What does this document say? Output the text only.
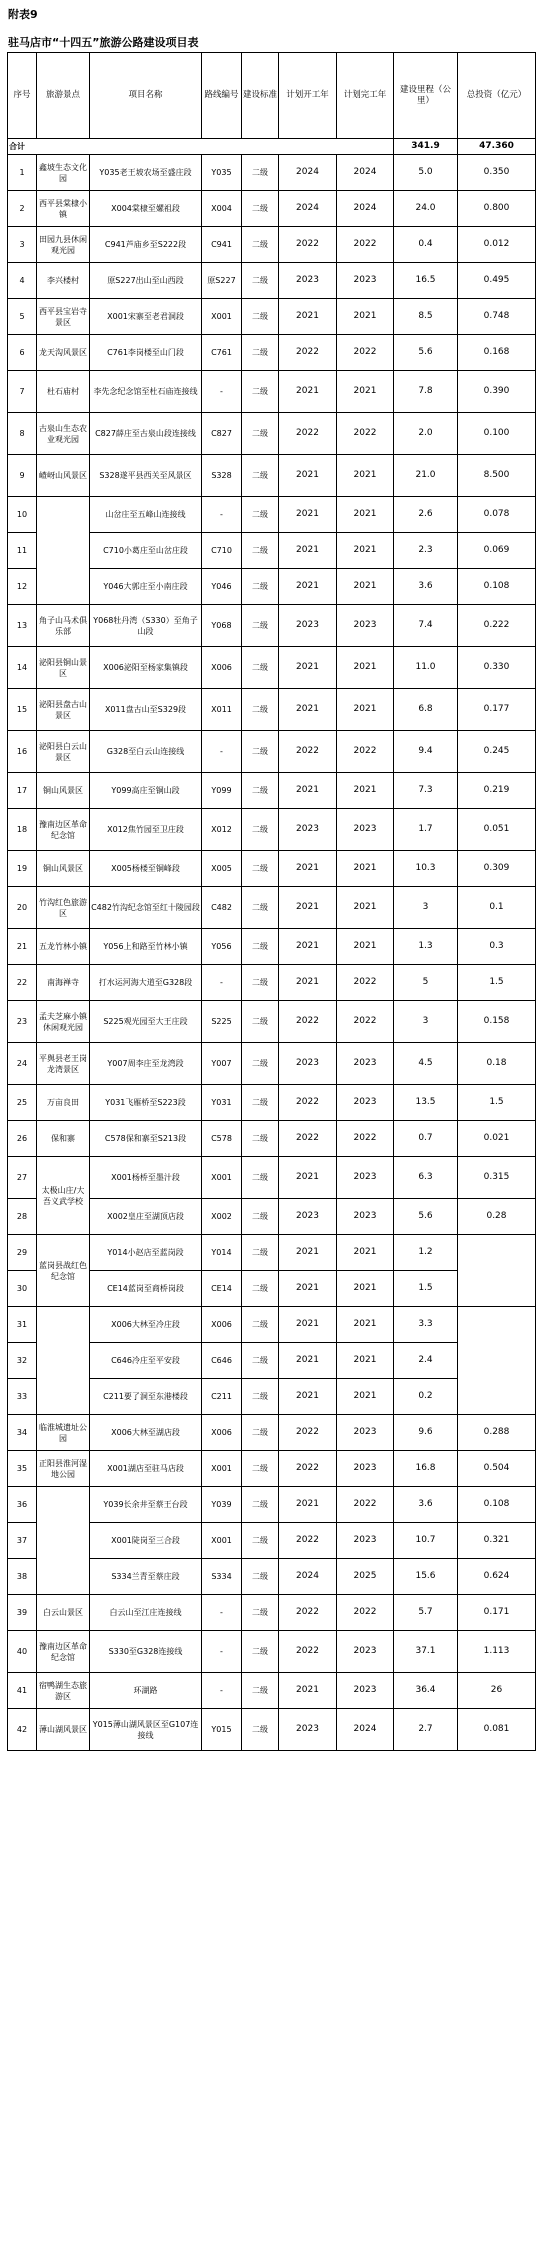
附表9
驻马店市“十四五”旅游公路建设项目表
序号	旅游景点	项目名称	路线编号	建设标准	计划开工年	计划完工年	建设里程（公里）	总投资（亿元）
合计							341.9	47.360
1	鑫坡生态文化园	Y035老王坡农场至盛庄段	Y035	二级	2024	2024	5.0	0.350
2	西平县棠棣小镇	X004棠棣至嫘祖段	X004	二级	2024	2024	24.0	0.800
3	田园九县休闲观光园	C941芦庙乡至S222段	C941	二级	2022	2022	0.4	0.012
4	李兴楼村	原S227出山至山西段	原S227	二级	2023	2023	16.5	0.495
5	西平县宝岩寺景区	X001宋寨至老君洞段	X001	二级	2021	2021	8.5	0.748
6	龙天沟风景区	C761李岗楼至山门段	C761	二级	2022	2022	5.6	0.168
7	杜石庙村	李先念纪念馆至杜石庙连接线	-	二级	2021	2021	7.8	0.390
8	古泉山生态农业观光园	C827薛庄至古泉山段连接线	C827	二级	2022	2022	2.0	0.100
9	嵖岈山风景区	S328遂平县西关至风景区	S328	二级	2021	2021	21.0	8.500
10		山岔庄至五峰山连接线	-	二级	2021	2021	2.6	0.078
11		C710小葛庄至山岔庄段	C710	二级	2021	2021	2.3	0.069
12		Y046大郭庄至小南庄段	Y046	二级	2021	2021	3.6	0.108
13	角子山马术俱乐部	Y068牡丹湾（S330）至角子山段	Y068	二级	2023	2023	7.4	0.222
14	泌阳县铜山景区	X006泌阳至杨家集镇段	X006	二级	2021	2021	11.0	0.330
15	泌阳县盘古山景区	X011盘古山至S329段	X011	二级	2021	2021	6.8	0.177
16	泌阳县白云山景区	G328至白云山连接线	-	二级	2022	2022	9.4	0.245
17	铜山风景区	Y099高庄至铜山段	Y099	二级	2021	2021	7.3	0.219
18	豫南边区革命纪念馆	X012焦竹园至卫庄段	X012	二级	2023	2023	1.7	0.051
19	铜山风景区	X005杨楼至铜峰段	X005	二级	2021	2021	10.3	0.309
20	竹沟红色旅游区	C482竹沟纪念馆至红十陵园段	C482	二级	2021	2021	3	0.1
21	五龙竹林小镇	Y056上和路至竹林小镇	Y056	二级	2021	2021	1.3	0.3
22	南海禅寺	打水运河海大道至G328段	-	二级	2021	2022	5	1.5
23	孟夫芝麻小镇休闲观光园	S225观光园至大王庄段	S225	二级	2022	2022	3	0.158
24	平舆县老王岗龙湾景区	Y007周李庄至龙湾段	Y007	二级	2023	2023	4.5	0.18
25	万亩良田	Y031飞雁桥至S223段	Y031	二级	2022	2023	13.5	1.5
26	保和寨	C578保和寨至S213段	C578	二级	2022	2022	0.7	0.021
27	太极山庄/大吾义武学校	X001杨桥至墨汁段	X001	二级	2021	2023	6.3	0.315
28		X002皇庄至湖顶店段	X002	二级	2023	2023	5.6	0.28
29	蓝岗县战红色纪念馆	Y014小赵店至蓝岗段	Y014	二级	2021	2021	1.2	
30		CE14蓝岗至商桥岗段	CE14	二级	2021	2021	1.5	
31		X006大林至冷庄段	X006	二级	2021	2021	3.3	
32		C646冷庄至平安段	C646	二级	2021	2021	2.4	
33		C211要了洞至东港楼段	C211	二级	2021	2021	0.2	
34	临淮城遗址公园	X006大林至湖店段	X006	二级	2022	2023	9.6	0.288
35	正阳县淮河湿地公园	X001湖店至驻马店段	X001	二级	2022	2023	16.8	0.504
36		Y039长余井至蔡王台段	Y039	二级	2021	2022	3.6	0.108
37		X001陡岗至三合段	X001	二级	2022	2023	10.7	0.321
38		S334兰青至蔡庄段	S334	二级	2024	2025	15.6	0.624
39	白云山景区	白云山至江庄连接线	-	二级	2022	2022	5.7	0.171
40	豫南边区革命纪念馆	S330至G328连接线	-	二级	2022	2023	37.1	1.113
41	宿鸭湖生态旅游区	环湖路	-	二级	2021	2023	36.4	26
42	薄山湖风景区	Y015薄山湖风景区至G107连接线	Y015	二级	2023	2024	2.7	0.081
